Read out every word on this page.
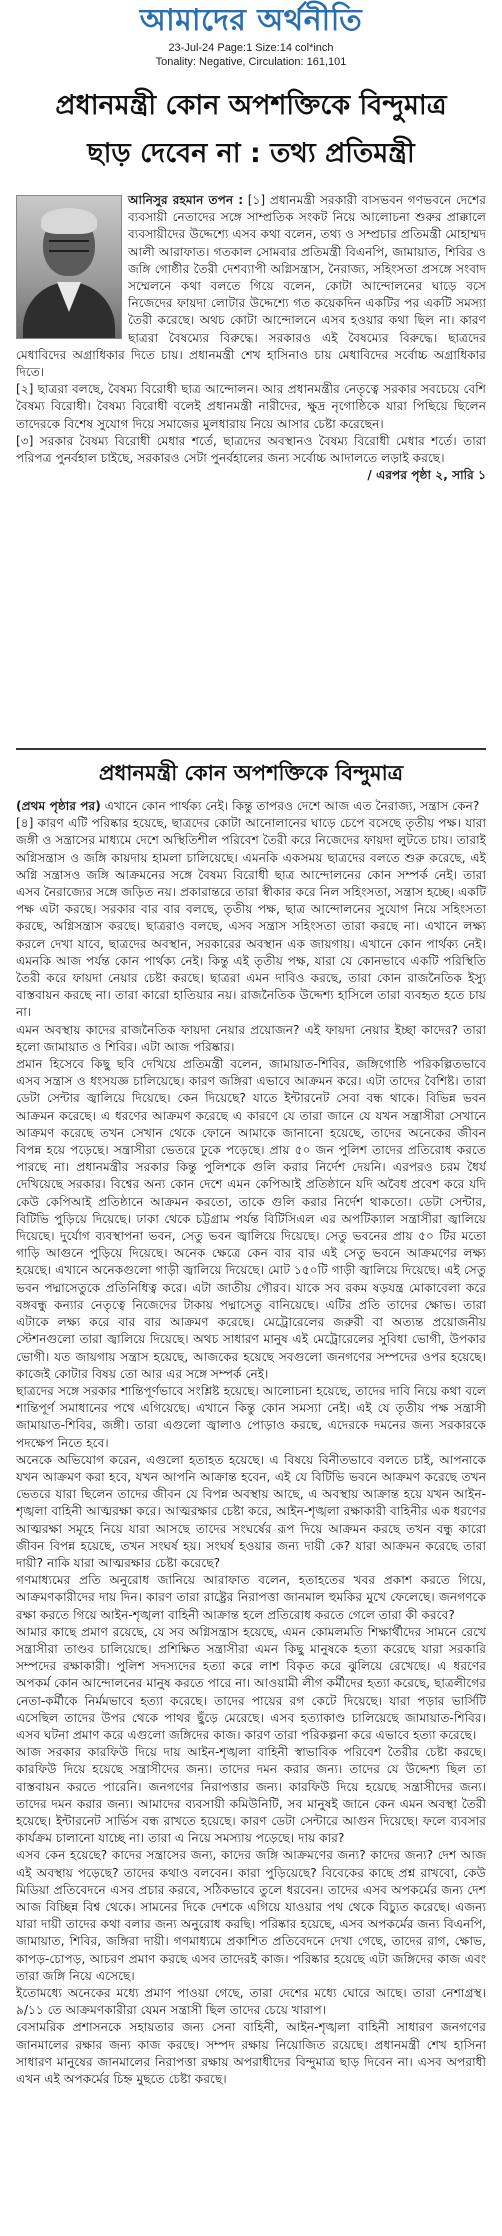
আমাদের অর্থনীতি
23-Jul-24 Page:1 Size:14 col*inch
Tonality: Negative, Circulation: 161,101
প্রধানমন্ত্রী কোন অপশক্তিকে বিন্দুমাত্র
ছাড় দেবেন না : তথ্য প্রতিমন্ত্রী

আনিসুর রহমান তপন : [১] প্রধানমন্ত্রী সরকারী বাসভবন গণভবনে দেশের ব্যবসায়ী নেতাদের সঙ্গে সাম্প্রতিক সংকট নিয়ে আলোচনা শুরুর প্রাক্কালে ব্যবসায়ীদের উদ্দেশ্যে এসব কথা বলেন, তথ্য ও সম্প্রচার প্রতিমন্ত্রী মোহাম্মদ আলী আরাফাত। গতকাল সোমবার প্রতিমন্ত্রী বিএনপি, জামায়াত, শিবির ও জঙ্গি গোষ্ঠীর তৈরী দেশব্যাপী অগ্নিসন্ত্রাস, নৈরাজ্য, সহিংসতা প্রসঙ্গে সংবাদ সম্মেলনে কথা বলতে গিয়ে বলেন, কোটা আন্দোলনের ঘাড়ে বসে নিজেদের ফায়দা লোটার উদ্দেশ্যে গত কয়েকদিন একটির পর একটি সমস্যা তৈরী করেছে। অথচ কোটা আন্দোলনে এসব হওয়ার কথা ছিল না। কারণ ছাত্ররা বৈষম্যের বিরুদ্ধে। সরকারও এই বৈষম্যের বিরুদ্ধে। ছাত্রদের মেধাবিদের অগ্রাধিকার দিতে চায়। প্রধানমন্ত্রী শেখ হাসিনাও চায় মেধাবিদের সর্বোচ্চ অগ্রাধিকার দিতে।

[২] ছাত্ররা বলছে, বৈষম্য বিরোধী ছাত্র আন্দোলন। আর প্রধানমন্ত্রীর নেতৃত্বে সরকার সবচেয়ে বেশি বৈষম্য বিরোধী। বৈষম্য বিরোধী বলেই প্রধানমন্ত্রী নারীদের, ক্ষুদ্র নৃগোষ্ঠিকে যারা পিছিয়ে ছিলেন তাদেরকে বিশেষ সুযোগ দিয়ে সমাজের মুলধারায় নিয়ে আসার চেষ্টা করেছেন।

[৩] সরকার বৈষম্য বিরোধী মেধার শর্তে, ছাত্রদের অবস্থানও বৈষম্য বিরোধী মেধার শর্তে। তারা পরিপত্র পুনর্বহাল চাইছে, সরকারও সেটা পুনর্বহালের জন্য সর্বোচ্চ আদালতে লড়াই করছে।

/ এরপর পৃষ্ঠা ২, সারি ১
প্রধানমন্ত্রী কোন অপশক্তিকে বিন্দুমাত্র

(প্রথম পৃষ্ঠার পর) এখানে কোন পার্থক্য নেই। কিন্তু তাপরও দেশে আজ এত নৈরাজ্য, সন্ত্রাস কেন?

[৪] কারণ এটি পরিষ্কার হয়েছে, ছাত্রদের কোটা আনোলানের ঘাড়ে চেপে বসেছে তৃতীয় পক্ষ। যারা জঙ্গী ও সন্ত্রাসের মাধ্যমে দেশে অস্থিতিশীল পরিবেশ তৈরী করে নিজেদের ফায়দা লুটতে চায়। তারাই অগ্নিসন্ত্রাস ও জঙ্গি কায়দায় হামলা চালিয়েছে। এমনকি একসময় ছাত্রদের বলতে শুরু করেছে, এই অগ্নি সন্ত্রাসও জঙ্গি আক্রমনের সঙ্গে বৈষম্য বিরোধী ছাত্র আন্দোলনের কোন সম্পর্ক নেই। তারা এসব নৈরাজ্যের সঙ্গে জড়িত নয়। প্রকারান্তরে তারা স্বীকার করে নিল সহিংসতা, সন্ত্রাস হচ্ছে। একটি পক্ষ এটা করছে। সরকার বার বার বলছে, তৃতীয় পক্ষ, ছাত্র আন্দোলনের সুযোগ নিয়ে সহিংসতা করছে, অগ্নিসন্ত্রাস করছে। ছাত্ররাও বলছে, এসব সন্ত্রাস সহিংসতা তারা করছে না। এখানে লক্ষ্য করলে দেখা যাবে, ছাত্রদের অবস্থান, সরকারের অবস্থান এক জায়গায়। এখানে কোন পার্থক্য নেই। এমনকি আজ পর্যন্ত কোন পার্থক্য নেই। কিন্তু এই তৃতীয় পক্ষ, যারা যে কোনভাবে একটি পরিস্থিতি তৈরী করে ফায়দা নেয়ার চেষ্টা করছে। ছাত্ররা এমন দাবিও করছে, তারা কোন রাজনৈতিক ইস্যু বাস্তবায়ন করছে না। তারা কারো হাতিয়ার নয়। রাজনৈতিক উদ্দেশ্য হাসিলে তারা ব্যবহৃত হতে চায় না।

এমন অবস্থায় কাদের রাজনৈতিক ফায়দা নেয়ার প্রয়োজন? এই ফায়দা নেয়ার ইচ্ছা কাদের? তারা হলো জামায়াত ও শিবির। এটা আজ পরিষ্কার।

প্রমান হিসেবে কিছু ছবি দেখিয়ে প্রতিমন্ত্রী বলেন, জামায়াত-শিবির, জঙ্গিগোষ্ঠি পরিকল্পিতভাবে এসব সন্ত্রাস ও ধংসযজ্ঞ চালিয়েছে। কারণ জঙ্গিরা এভাবে আক্রমন করে। এটা তাদের বৈশিষ্ট। তারা ডেটা সেন্টার জ্বালিয়ে দিয়েছে। কেন দিয়েছে? যাতে ইন্টারনেট সেবা বন্ধ থাকে। বিভিন্ন ভবন আক্রমন করেছে। এ ধরণের আক্রমণ করেছে এ কারণে যে তারা জানে যে যখন সন্ত্রাসীরা সেখানে আক্রমণ করেছে তখন সেখান থেকে ফোনে আমাকে জানানো হয়েছে, তাদের অনেকের জীবন বিপন্ন হয়ে পড়েছে। সন্ত্রাসীরা ভেতরে ঢুকে পড়েছে। প্রায় ৫০ জন পুলিশ তাদের প্রতিরোধ করতে পারছে না। প্রধানমন্ত্রীর সরকার কিন্তু পুলিশকে গুলি করার নির্দেশ দেয়নি। এরপরও চরম ধৈর্য দেখিয়েছে সরকার। বিশ্বের অন্য কোন দেশে এমন কেপিআই প্রতিষ্ঠানে যদি অবৈধ প্রবেশ করে যদি কেউ কেপিআই প্রতিষ্ঠানে আক্রমন করতো, তাকে গুলি করার নির্দেশ থাকতো। ডেটা সেন্টার, বিটিভি পুড়িয়ে দিয়েছে। ঢাকা থেকে চট্টগ্রাম পর্যন্ত বিটিসিএল এর অপটিক্যাল সন্ত্রাসীরা জ্বালিয়ে দিয়েছে। দুর্যোগ ব্যবস্থাপনা ভবন, সেতু ভবন জ্বালিয়ে দিয়েছে। সেতু ভবনের প্রায় ৫০ টির মতো গাড়ি আগুনে পুড়িয়ে দিয়েছে। অনেক ক্ষেত্রে কেন বার বার এই সেতু ভবনে আক্রমণের লক্ষ্য হয়েছে। এখানে অনেকগুলো গাড়ী জ্বালিয়ে দিয়েছে। মোট ১৫০টি গাড়ী জ্বালিয়ে দিয়েছে। এই সেতু ভবন পদ্মাসেতুকে প্রতিনিধিত্ব করে। এটা জাতীয় গৌরব। যাকে সব রকম ষড়যন্ত্র মোকাবেলা করে বঙ্গবন্ধু কন্যার নেতৃত্বে নিজেদের টাকায় পদ্মাসেতু বানিয়েছে। এটির প্রতি তাদের ক্ষোভ। তারা এটাকে লক্ষ্য করে বার বার আক্রমণ করেছে। মেট্রোরেলের জরুরী বা অত্যন্ত প্রয়োজনীয় স্টেশনগুলো তারা জ্বালিয়ে দিয়েছে। অথচ সাধারণ মানুষ এই মেট্রোরেলের সুবিধা ভোগী, উপকার ভোগী। যত জায়গায় সন্ত্রাস হয়েছে, আজকের হয়েছে সবগুলো জনগণের সম্পদের ওপর হয়েছে। কাজেই কোটার বিষয় তো আর এর সঙ্গে সম্পর্ক নেই।

ছাত্রদের সঙ্গে সরকার শান্তিপূর্ণভাবে সংশ্লিষ্ট হয়েছে। আলোচনা হয়েছে, তাদের দাবি নিয়ে কথা বলে শান্তিপূর্ণ সমাধানের পথে এগিয়েছে। এখানে কিন্তু কোন সমস্যা নেই। এই যে তৃতীয় পক্ষ সন্ত্রাসী জামায়াত-শিবির, জঙ্গী। তারা এগুলো জ্বালাও পোড়াও করছে, এদেরকে দমনের জন্য সরকারকে পদক্ষেপ নিতে হবে।

অনেকে অভিযোগ করেন, এগুলো হতাহত হয়েছে। এ বিষয়ে বিনীতভাবে বলতে চাই, আপনাকে যখন আক্রমণ করা হবে, যখন আপনি আক্রান্ত হবেন, এই যে বিটিভি ভবনে আক্রমণ করেছে তখন ভেতরে যারা ছিলেন তাদের জীবন যে বিপন্ন অবস্থায় আছে, এ অবস্থায় আক্রান্ত হয়ে যখন আইন-শৃঙ্খলা বাহিনী আত্মরক্ষা করে। আত্মরক্ষার চেষ্টা করে, আইন-শৃঙ্খলা রক্ষাকারী বাহিনীর এক ধরণের আত্মরক্ষা সমূহে নিয়ে যারা আসছে তাদের সংঘর্ষের রূপ দিয়ে আক্রমন করছে তখন বন্ধু কারো জীবন বিপন্ন হয়েছে, তখন সংঘর্ষ হয়। সংঘর্ষ হওয়ার জন্য দায়ী কে? যারা আক্রমন করেছে তারা দায়ী? নাকি যারা আত্মরক্ষার চেষ্টা করেছে?

গণমাধ্যমের প্রতি অনুরোধ জানিয়ে আরাফাত বলেন, হতাহতের খবর প্রকাশ করতে গিয়ে, আক্রমণকারীদের দায় দিন। কারণ তারা রাষ্ট্রের নিরাপত্তা জানমাল হুমকির মুখে ফেলেছে। জনগণকে রক্ষা করতে গিয়ে আইন-শৃঙ্খলা বাহিনী আক্রান্ত হলে প্রতিরোধ করতে গেলে তারা কী করবে?

আমার কাছে প্রমাণ রয়েছে, যে সব অগ্নিসন্ত্রাস হয়েছে, এমন কোমলমতি শিক্ষার্থীদের সামনে রেখে সন্ত্রাসীরা তাণ্ডব চালিয়েছে। প্রশিক্ষিত সন্ত্রাসীরা এমন কিছু মানুষকে হত্যা করেছে যারা সরকারি সম্পদের রক্ষাকারী। পুলিশ সদস্যদের হত্যা করে লাশ বিকৃত করে ঝুলিয়ে রেখেছে। এ ধরণের অপকর্ম কোন আন্দোলনের মানুষ করতে পারে না। আওয়ামী লীগ কর্মীদের হত্যা করেছে, ছাত্রলীগের নেতা-কর্মীকে নির্মমভাবে হত্যা করেছে। তাদের পায়ের রগ কেটে দিয়েছে। যারা পড়ার ভার্সিটি এসেছিল তাদের উপর থেকে পাথর ছুঁড়ে মেরেছে। এসব হত্যাকাণ্ড চালিয়েছে জামায়াত-শিবির। এসব ঘটনা প্রমাণ করে এগুলো জঙ্গিদের কাজ। কারণ তারা পরিকল্পনা করে এভাবে হত্যা করেছে।

আজ সরকার কারফিউ দিয়ে দায় আইন-শৃঙ্খলা বাহিনী স্বাভাবিক পরিবেশ তৈরীর চেষ্টা করছে। কারফিউ দিয়ে হয়েছে সন্ত্রাসীদের জন্য। তাদের দমন করার জন্য। তাদের যে উদ্দেশ্য ছিল তা বাস্তবায়ন করতে পারেনি। জনগণের নিরাপত্তার জন্য। কারফিউ দিয়ে হয়েছে সন্ত্রাসীদের জন্য। তাদের দমন করার জন্য। আমাদের ব্যবসায়ী কমিউনিটি, সব মানুষই জানে কেন এমন অবস্থা তৈরী হয়েছে। ইন্টারনেট সার্ভিস বন্ধ রাখতে হয়েছে। কারণ ডেটা সেন্টারে আগুন দিয়েছে। ফলে ব্যবসার কার্যক্রম চালানো যাচ্ছে না। তারা এ নিয়ে সমস্যায় পড়েছে। দায় কার?

এসব কেন হয়েছে? কাদের সন্ত্রাসের জন্য, কাদের জঙ্গি আক্রমণের জন্য? কাদের জন্য? দেশ আজ এই অবস্থায় পড়েছে? তাদের কথাও বলবেন। কারা পুড়িয়েছে? বিবেকের কাছে প্রশ্ন রাখবো, কেউ মিডিয়া প্রতিবেদনে এসব প্রচার করবে, সঠিকভাবে তুলে ধরবেন। তাদের এসব অপকর্মের জন্য দেশ আজ বিচ্ছিন্ন বিশ্ব থেকে। সামনের দিকে দেশকে এগিয়ে যাওয়ার পথ থেকে বিচ্যুত করেছে। এজন্য যারা দায়ী তাদের কথা বলার জন্য অনুরোধ করছি। পরিষ্কার হয়েছে, এসব অপকর্মের জন্য বিএনপি, জামায়াত, শিবির, জঙ্গিরা দায়ী। গণমাধ্যমে প্রকাশিত প্রতিবেদনে দেখা গেছে, তাদের রাগ, ক্ষোভ, কাপড়-চোপড়, আচরণ প্রমাণ করছে এসব তাদেরই কাজ। পরিষ্কার হয়েছে এটা জঙ্গিদের কাজ এবং তারা জঙ্গি নিয়ে এসেছে।

ইতোমধ্যে অনেকের মধ্যে প্রমাণ পাওয়া গেছে, তারা দেশের মধ্যে ঘোরে আছে। তারা নেশাগ্রস্থ। ৯/১১ তে আক্রমণকারীরা যেমন সন্ত্রাসী ছিল তাদের চেয়ে খারাপ।

বেসামরিক প্রশাসনকে সহায়তার জন্য সেনা বাহিনী, আইন-শৃঙ্খলা বাহিনী সাধারণ জনগণের জানমালের রক্ষার জন্য কাজ করছে। সম্পদ রক্ষায় নিয়োজিত রয়েছে। প্রধানমন্ত্রী শেখ হাসিনা সাধারণ মানুষের জানমালের নিরাপত্তা রক্ষায় অপরাধীদের বিন্দুমাত্র ছাড় দিবেন না। এসব অপরাধী এখন এই অপকর্মের চিহ্ন মুছতে চেষ্টা করছে।
